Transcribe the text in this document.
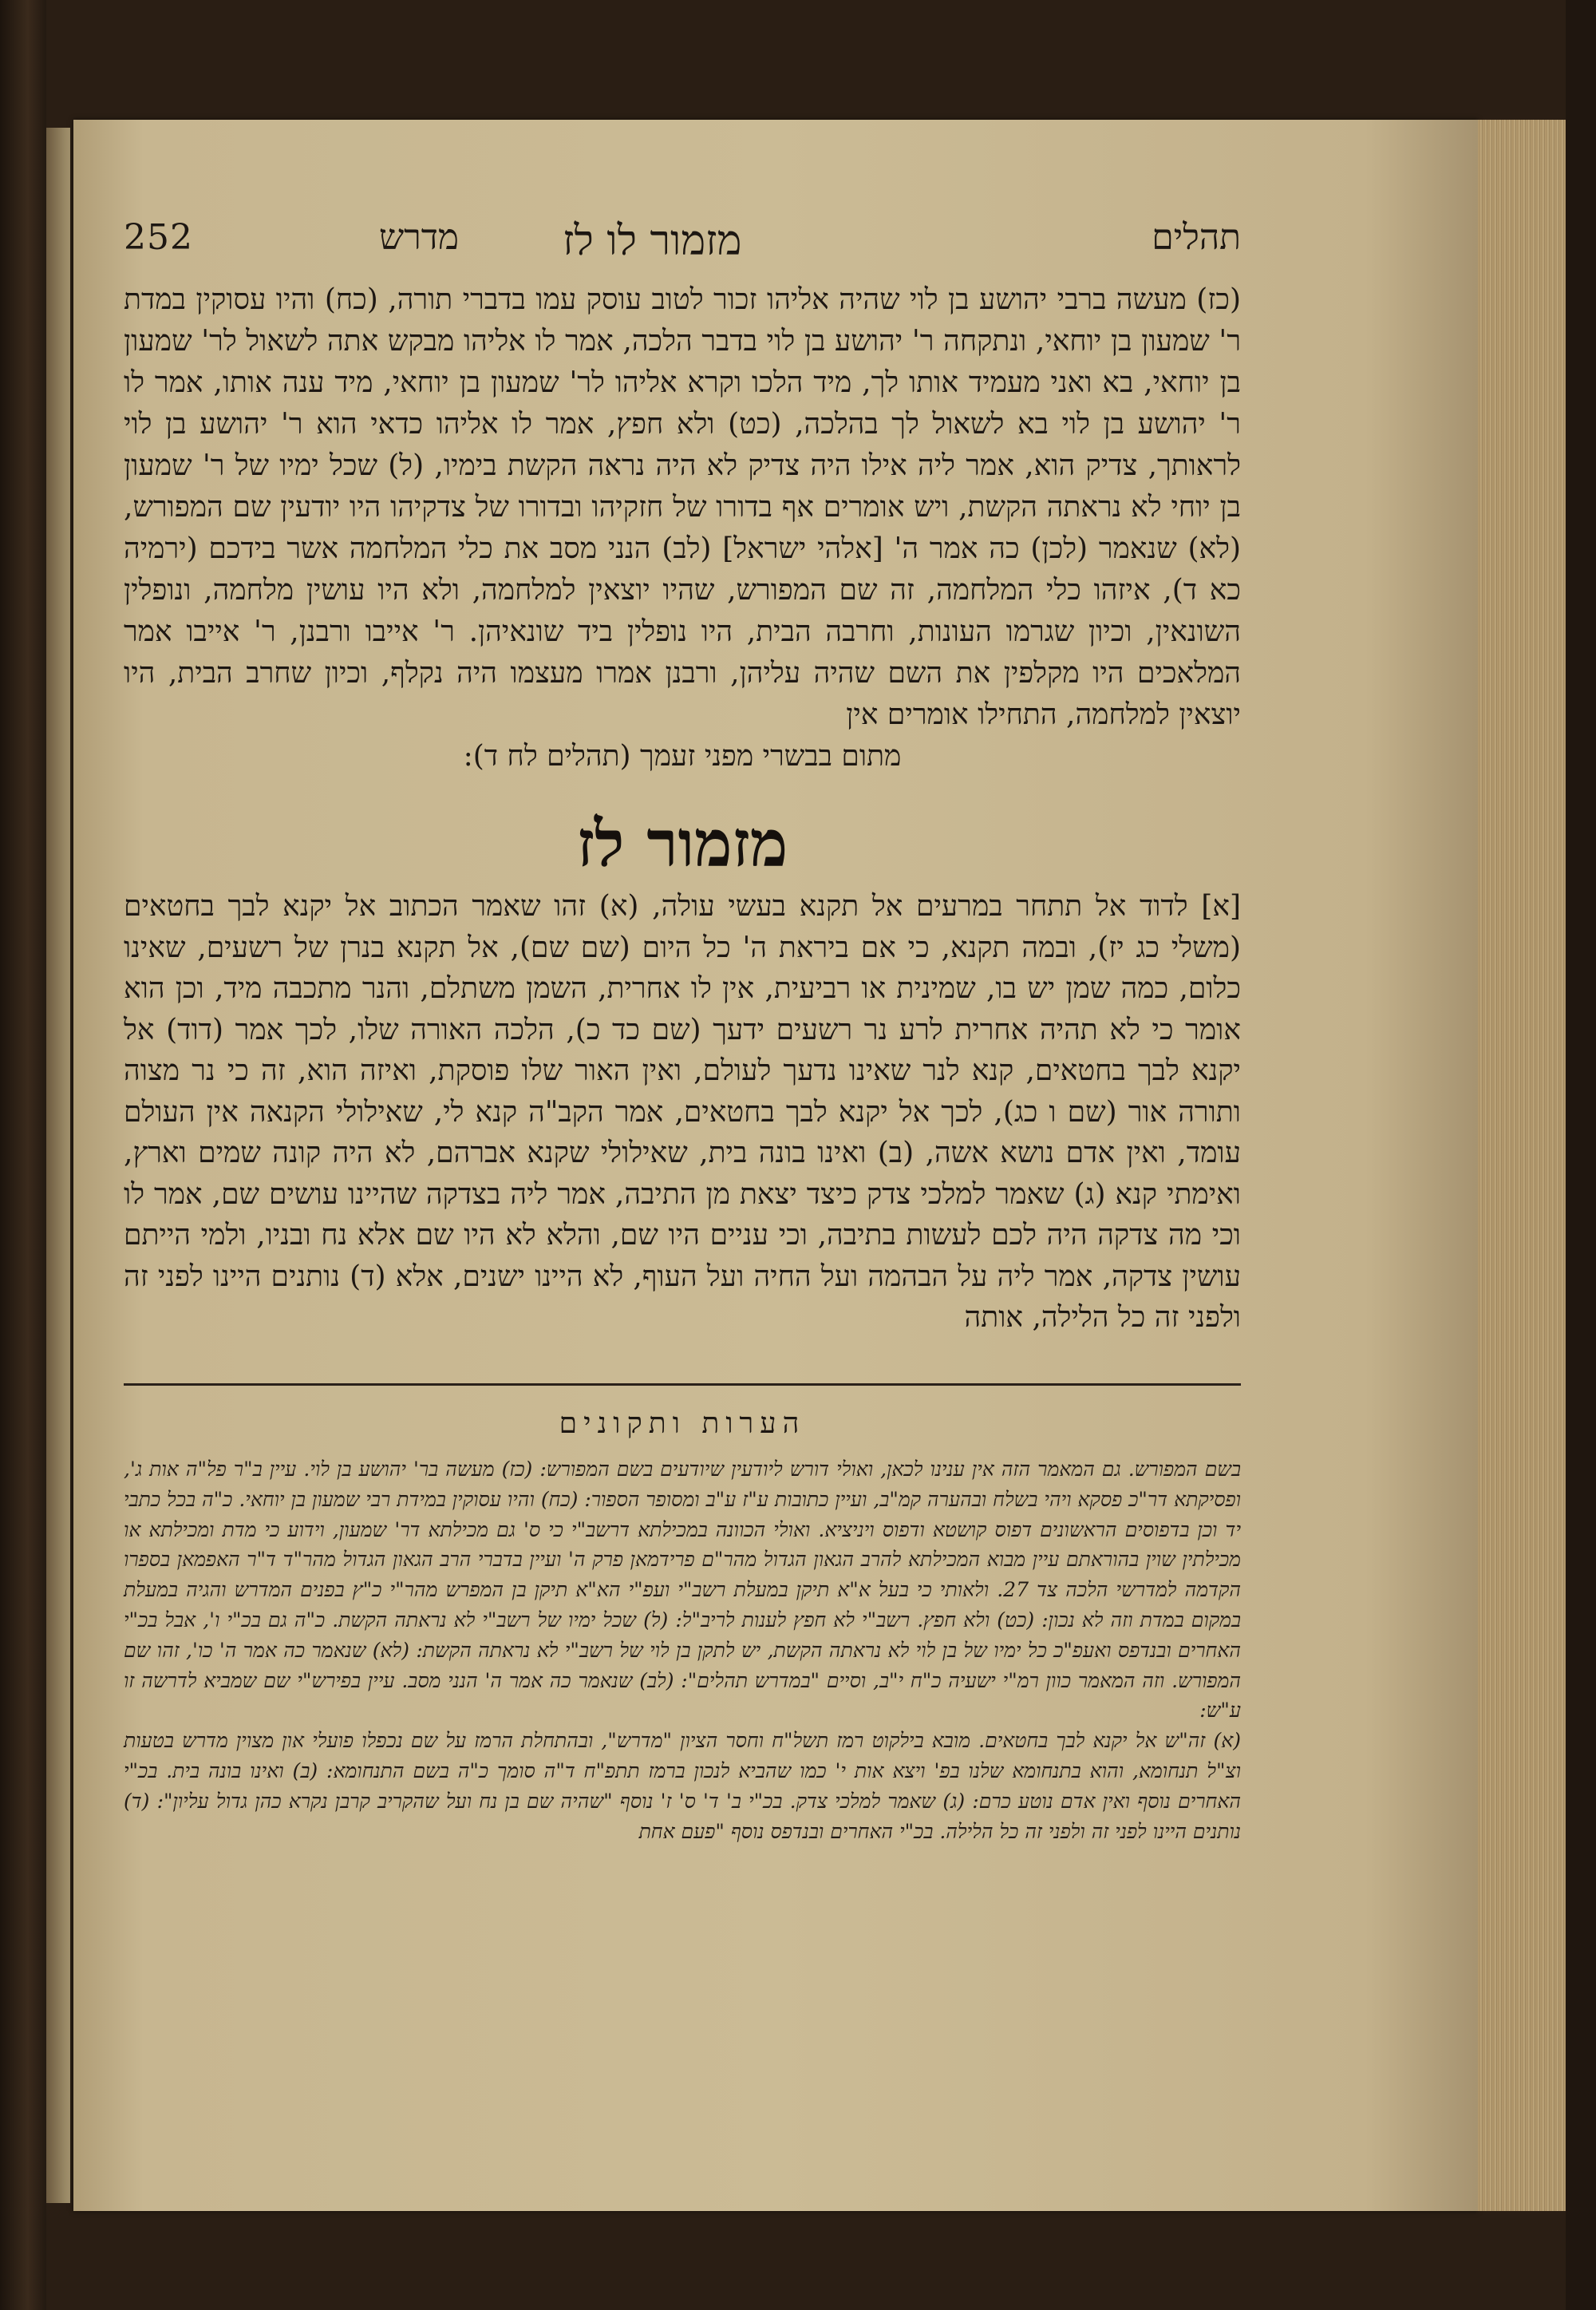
252	מדרש מזמור לו לז	תהלים
(כז) מעשה ברבי יהושע בן לוי שהיה אליהו זכור לטוב עוסק עמו בדברי תורה, (כח) והיו עסוקין במדת ר' שמעון בן יוחאי, ונתקחה ר' יהושע בן לוי בדבר הלכה, אמר לו אליהו מבקש אתה לשאול לר' שמעון בן יוחאי, בא ואני מעמיד אותו לך, מיד הלכו וקרא אליהו לר' שמעון בן יוחאי, מיד ענה אותו, אמר לו ר' יהושע בן לוי בא לשאול לך בהלכה, (כט) ולא חפץ, אמר לו אליהו כדאי הוא ר' יהושע בן לוי לראותך, צדיק הוא, אמר ליה אילו היה צדיק לא היה נראה הקשת בימיו, (ל) שכל ימיו של ר' שמעון בן יוחי לא נראתה הקשת, ויש אומרים אף בדורו של חזקיהו ובדורו של צדקיהו היו יודעין שם המפורש, (לא) שנאמר (לכן) כה אמר ה' [אלהי ישראל] (לב) הנני מסב את כלי המלחמה אשר בידכם (ירמיה כא ד), איזהו כלי המלחמה, זה שם המפורש, שהיו יוצאין למלחמה, ולא היו עושין מלחמה, ונופלין השונאין, וכיון שגרמו העונות, וחרבה הבית, היו נופלין ביד שונאיהן. ר' אייבו ורבנן, ר' אייבו אמר המלאכים היו מקלפין את השם שהיה עליהן, ורבנן אמרו מעצמו היה נקלף, וכיון שחרב הבית, היו יוצאין למלחמה, התחילו אומרים אין
מתום בבשרי מפני זעמך (תהלים לח ד):
מזמור לז
[א] לדוד אל תתחר במרעים אל תקנא בעשי עולה, (א) זהו שאמר הכתוב אל יקנא לבך בחטאים (משלי כג יז), ובמה תקנא, כי אם ביראת ה' כל היום (שם שם), אל תקנא בנרן של רשעים, שאינו כלום, כמה שמן יש בו, שמינית או רביעית, אין לו אחרית, השמן משתלם, והנר מתכבה מיד, וכן הוא אומר כי לא תהיה אחרית לרע נר רשעים ידעך (שם כד כ), הלכה האורה שלו, לכך אמר (דוד) אל יקנא לבך בחטאים, קנא לנר שאינו נדעך לעולם, ואין האור שלו פוסקת, ואיזה הוא, זה כי נר מצוה ותורה אור (שם ו כג), לכך אל יקנא לבך בחטאים, אמר הקב"ה קנא לי, שאילולי הקנאה אין העולם עומד, ואין אדם נושא אשה, (ב) ואינו בונה בית, שאילולי שקנא אברהם, לא היה קונה שמים וארץ, ואימתי קנא (ג) שאמר למלכי צדק כיצד יצאת מן התיבה, אמר ליה בצדקה שהיינו עושים שם, אמר לו וכי מה צדקה היה לכם לעשות בתיבה, וכי עניים היו שם, והלא לא היו שם אלא נח ובניו, ולמי הייתם עושין צדקה, אמר ליה על הבהמה ועל החיה ועל העוף, לא היינו ישנים, אלא (ד) נותנים היינו לפני זה ולפני זה כל הלילה, אותה
הערות ותקונים

בשם המפורש. גם המאמר הזה אין ענינו לכאן, ואולי דורש ליודעין שיודעים בשם המפורש: (כז) מעשה בר' יהושע בן לוי. עיין ב"ר פל"ה אות ג', ופסיקתא דר"כ פסקא ויהי בשלח ובהערה קמ"ב, ועיין כתובות ע"ז ע"ב ומסופר הספור: (כח) והיו עסוקין במידת רבי שמעון בן יוחאי. כ"ה בכל כתבי יד וכן בדפוסים הראשונים דפוס קושטא ודפוס ויניציא. ואולי הכוונה במכילתא דרשב"י כי ס' גם מכילתא דר' שמעון, וידוע כי מדת ומכילתא או מכילתין שוין בהוראתם עיין מבוא המכילתא להרב הגאון הגדול מהר"ם פרידמאן פרק ה' ועיין בדברי הרב הגאון הגדול מהר"ד ד"ר האפמאן בספרו הקדמה למדרשי הלכה צד 27. ולאותי כי בעל א"א תיקן במעלת רשב"י ועפ"י הא"א תיקן בן המפרש מהר"י כ"ץ בפנים המדרש והגיה במעלת במקום במדת וזה לא נכון: (כט) ולא חפץ. רשב"י לא חפץ לענות לריב"ל: (ל) שכל ימיו של רשב"י לא נראתה הקשת. כ"ה גם בכ"י ו', אבל בכ"י האחרים ובנדפס ואעפ"כ כל ימיו של בן לוי לא נראתה הקשת, יש לתקן בן לוי של רשב"י לא נראתה הקשת: (לא) שנאמר כה אמר ה' כו', זהו שם המפורש. וזה המאמר כוון רמ"י ישעיה כ"ח י"ב, וסיים "במדרש תהלים": (לב) שנאמר כה אמר ה' הנני מסב. עיין בפירש"י שם שמביא לדרשה זו ע"ש:

(א) זה"ש אל יקנא לבך בחטאים. מובא בילקוט רמז תשל"ח וחסר הציון "מדרש", ובהתחלת הרמז על שם נכפלו פועלי און מצוין מדרש בטעות וצ"ל תנחומא, והוא בתנחומא שלנו בפ' ויצא אות י' כמו שהביא לנכון ברמז תתפ"ח ד"ה סומך כ"ה בשם התנחומא: (ב) ואינו בונה בית. בכ"י האחרים נוסף ואין אדם נוטע כרם: (ג) שאמר למלכי צדק. בכ"י ב' ד' ס' ז' נוסף "שהיה שם בן נח ועל שהקריב קרבן נקרא כהן גדול עליון": (ד) נותנים היינו לפני זה ולפני זה כל הלילה. בכ"י האחרים ובנדפס נוסף "פעם אחת
